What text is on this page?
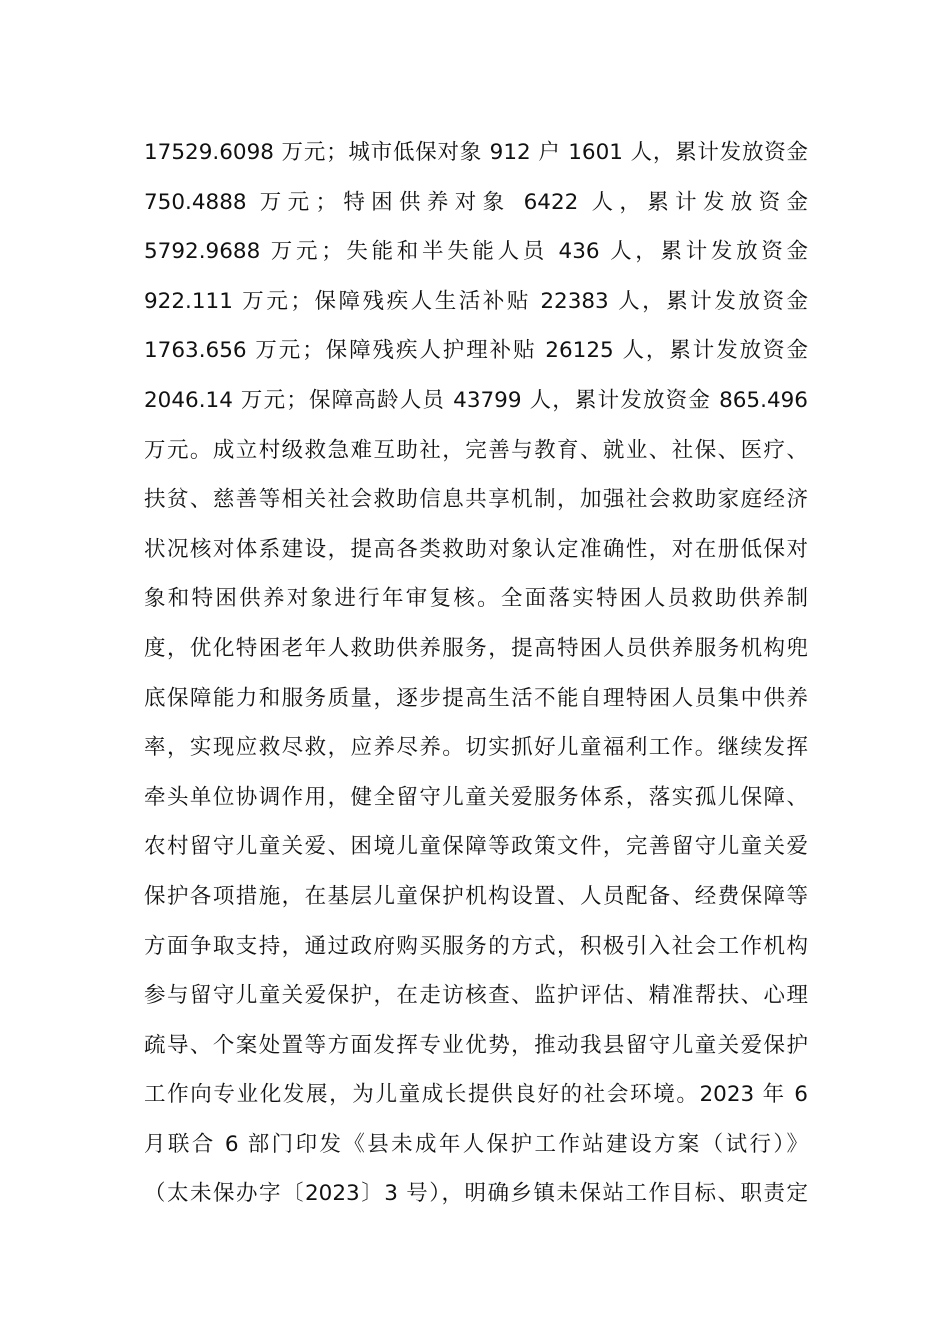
17529.6098 万元；城市低保对象 912 户 1601 人，累计发放资金
750.4888 万元；特困供养对象 6422 人，累计发放资金
5792.9688 万元；失能和半失能人员 436 人，累计发放资金
922.111 万元；保障残疾人生活补贴 22383 人，累计发放资金
1763.656 万元；保障残疾人护理补贴 26125 人，累计发放资金
2046.14 万元；保障高龄人员 43799 人，累计发放资金 865.496
万元。成立村级救急难互助社，完善与教育、就业、社保、医疗、
扶贫、慈善等相关社会救助信息共享机制，加强社会救助家庭经济
状况核对体系建设，提高各类救助对象认定准确性，对在册低保对
象和特困供养对象进行年审复核。全面落实特困人员救助供养制
度，优化特困老年人救助供养服务，提高特困人员供养服务机构兜
底保障能力和服务质量，逐步提高生活不能自理特困人员集中供养
率，实现应救尽救，应养尽养。切实抓好儿童福利工作。继续发挥
牵头单位协调作用，健全留守儿童关爱服务体系，落实孤儿保障、
农村留守儿童关爱、困境儿童保障等政策文件，完善留守儿童关爱
保护各项措施，在基层儿童保护机构设置、人员配备、经费保障等
方面争取支持，通过政府购买服务的方式，积极引入社会工作机构
参与留守儿童关爱保护，在走访核查、监护评估、精准帮扶、心理
疏导、个案处置等方面发挥专业优势，推动我县留守儿童关爱保护
工作向专业化发展，为儿童成长提供良好的社会环境。2023 年 6
月联合 6 部门印发《县未成年人保护工作站建设方案（试行）》
（太未保办字〔2023〕3 号），明确乡镇未保站工作目标、职责定
